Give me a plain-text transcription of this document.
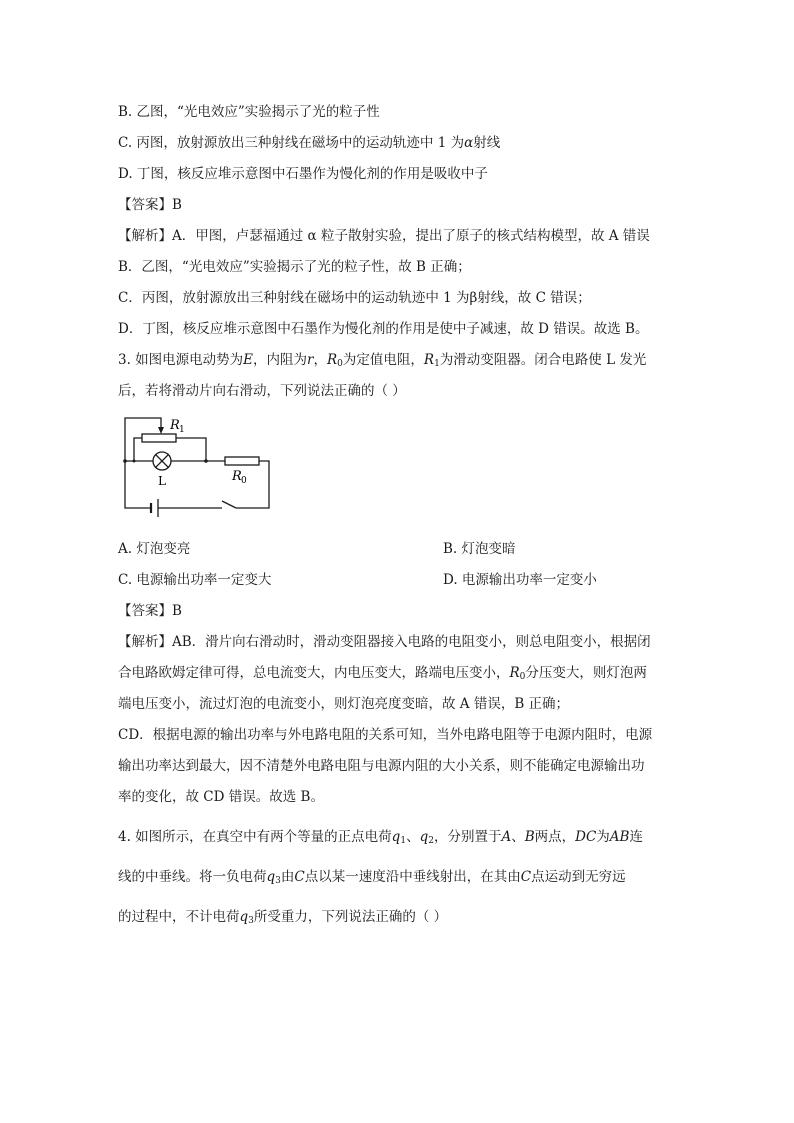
B. 乙图，“光电效应”实验揭示了光的粒子性
C. 丙图，放射源放出三种射线在磁场中的运动轨迹中 1 为α射线
D. 丁图，核反应堆示意图中石墨作为慢化剂的作用是吸收中子
【答案】B
【解析】A．甲图，卢瑟福通过 α 粒子散射实验，提出了原子的核式结构模型，故 A 错误
B．乙图，“光电效应”实验揭示了光的粒子性，故 B 正确；
C．丙图，放射源放出三种射线在磁场中的运动轨迹中 1 为β射线，故 C 错误；
D．丁图，核反应堆示意图中石墨作为慢化剂的作用是使中子减速，故 D 错误。故选 B。
3. 如图电源电动势为E，内阻为r，$R_0$为定值电阻，$R_1$为滑动变阻器。闭合电路使 L 发光
后，若将滑动片向右滑动，下列说法正确的（ ）
R 1
R 0
L
A. 灯泡变亮	B. 灯泡变暗
C. 电源输出功率一定变大	D. 电源输出功率一定变小
【答案】B
【解析】AB．滑片向右滑动时，滑动变阻器接入电路的电阻变小，则总电阻变小，根据闭
合电路欧姆定律可得，总电流变大，内电压变大，路端电压变小，$R_0$分压变大，则灯泡两
端电压变小，流过灯泡的电流变小，则灯泡亮度变暗，故 A 错误，B 正确；
CD．根据电源的输出功率与外电路电阻的关系可知，当外电路电阻等于电源内阻时，电源
输出功率达到最大，因不清楚外电路电阻与电源内阻的大小关系，则不能确定电源输出功
率的变化，故 CD 错误。故选 B。
4. 如图所示，在真空中有两个等量的正点电荷$q_1$、$q_2$，分别置于A、B两点，DC为AB连
线的中垂线。将一负电荷$q_3$由C点以某一速度沿中垂线射出，在其由C点运动到无穷远
的过程中，不计电荷$q_3$所受重力，下列说法正确的（ ）
